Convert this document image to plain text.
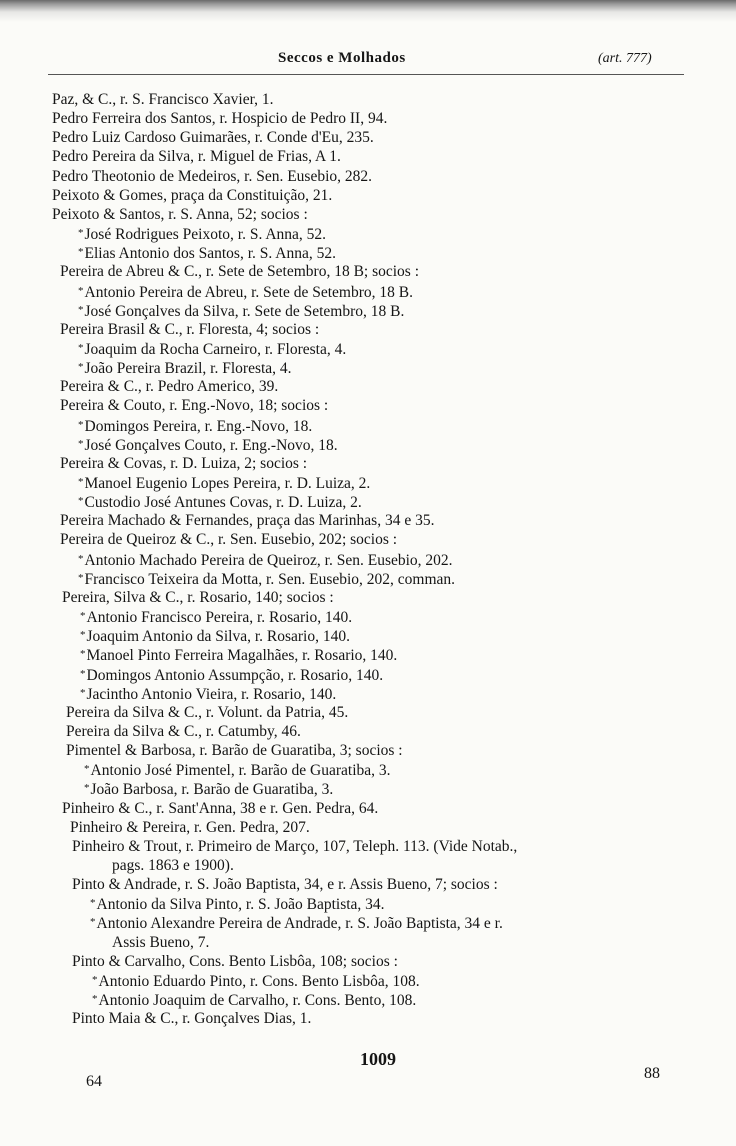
Seccos e Molhados	(art. 777)
Paz, & C., r. S. Francisco Xavier, 1.
Pedro Ferreira dos Santos, r. Hospicio de Pedro II, 94.
Pedro Luiz Cardoso Guimarães, r. Conde d'Eu, 235.
Pedro Pereira da Silva, r. Miguel de Frias, A 1.
Pedro Theotonio de Medeiros, r. Sen. Eusebio, 282.
Peixoto & Gomes, praça da Constituição, 21.
Peixoto & Santos, r. S. Anna, 52; socios :
*José Rodrigues Peixoto, r. S. Anna, 52.
*Elias Antonio dos Santos, r. S. Anna, 52.
Pereira de Abreu & C., r. Sete de Setembro, 18 B; socios :
*Antonio Pereira de Abreu, r. Sete de Setembro, 18 B.
*José Gonçalves da Silva, r. Sete de Setembro, 18 B.
Pereira Brasil & C., r. Floresta, 4; socios :
*Joaquim da Rocha Carneiro, r. Floresta, 4.
*João Pereira Brazil, r. Floresta, 4.
Pereira & C., r. Pedro Americo, 39.
Pereira & Couto, r. Eng.-Novo, 18; socios :
*Domingos Pereira, r. Eng.-Novo, 18.
*José Gonçalves Couto, r. Eng.-Novo, 18.
Pereira & Covas, r. D. Luiza, 2; socios :
*Manoel Eugenio Lopes Pereira, r. D. Luiza, 2.
*Custodio José Antunes Covas, r. D. Luiza, 2.
Pereira Machado & Fernandes, praça das Marinhas, 34 e 35.
Pereira de Queiroz & C., r. Sen. Eusebio, 202; socios :
*Antonio Machado Pereira de Queiroz, r. Sen. Eusebio, 202.
*Francisco Teixeira da Motta, r. Sen. Eusebio, 202, comman.
Pereira, Silva & C., r. Rosario, 140; socios :
*Antonio Francisco Pereira, r. Rosario, 140.
*Joaquim Antonio da Silva, r. Rosario, 140.
*Manoel Pinto Ferreira Magalhães, r. Rosario, 140.
*Domingos Antonio Assumpção, r. Rosario, 140.
*Jacintho Antonio Vieira, r. Rosario, 140.
Pereira da Silva & C., r. Volunt. da Patria, 45.
Pereira da Silva & C., r. Catumby, 46.
Pimentel & Barbosa, r. Barão de Guaratiba, 3; socios :
*Antonio José Pimentel, r. Barão de Guaratiba, 3.
*João Barbosa, r. Barão de Guaratiba, 3.
Pinheiro & C., r. Sant'Anna, 38 e r. Gen. Pedra, 64.
Pinheiro & Pereira, r. Gen. Pedra, 207.
Pinheiro & Trout, r. Primeiro de Março, 107, Teleph. 113. (Vide Notab.,
pags. 1863 e 1900).
Pinto & Andrade, r. S. João Baptista, 34, e r. Assis Bueno, 7; socios :
*Antonio da Silva Pinto, r. S. João Baptista, 34.
*Antonio Alexandre Pereira de Andrade, r. S. João Baptista, 34 e r.
Assis Bueno, 7.
Pinto & Carvalho, Cons. Bento Lisbôa, 108; socios :
*Antonio Eduardo Pinto, r. Cons. Bento Lisbôa, 108.
*Antonio Joaquim de Carvalho, r. Cons. Bento, 108.
Pinto Maia & C., r. Gonçalves Dias, 1.
1009
64	88
